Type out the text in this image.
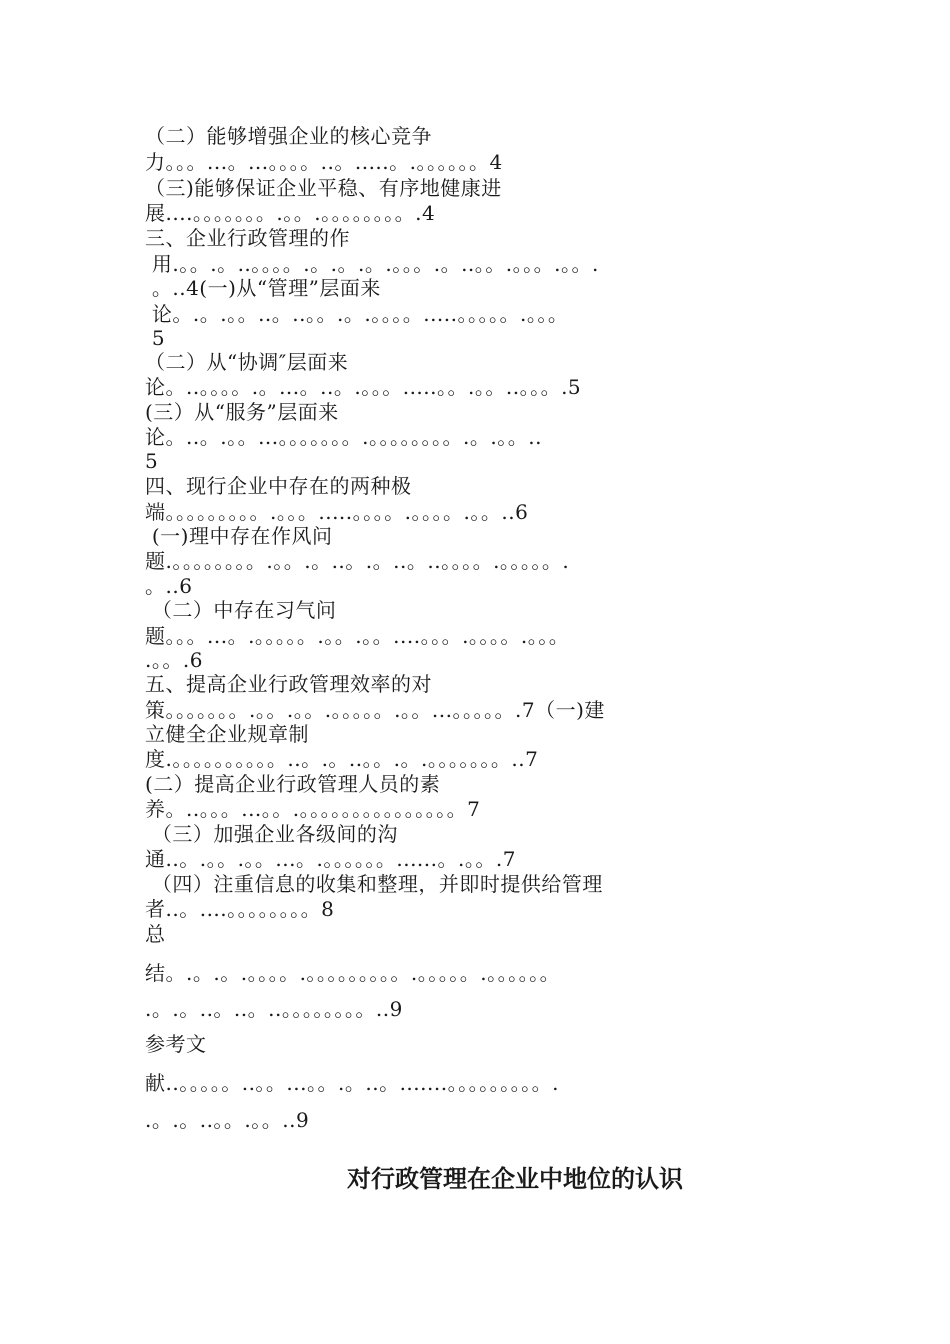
（二）能够增强企业的核心竞争
力。。。...。...。。。。..。.....。.。。。。。。4
（三)能够保证企业平稳、有序地健康进
展....。。。。。。。.。。.。。。。。。。。.4
三、企业行政管理的作
用.。。.。..。。。。.。.。.。.。。。.。..。。.。。。.。。.
。..4(一)从“管理”层面来
论。.。.。。..。..。。.。.。。。。.....。。。。。.。。。
5
（二）从“协调″层面来
论。..。。。。.。...。..。.。。。.....。。.。。..。。。.5
(三）从“服务”层面来
论。..。.。。...。。。。。。。.。。。。。。。。.。.。。..
5
四、现行企业中存在的两种极
端。。。。。。。。。.。。。.....。。。。.。。。。.。。..6
(一)理中存在作风问
题.。。。。。。。。.。。.。..。.。..。..。。。。.。。。。。.
。..6
（二）中存在习气问
题。。。...。.。。。。。.。。.。。....。。。.。。。。.。。。
.。。.6
五、提高企业行政管理效率的对
策。。。。。。。.。。.。。.。。。。。.。。...。。。。。.7（一)建
立健全企业规章制
度.。。。。。。。。。。..。.。..。。.。.。。。。。。。..7
(二）提高企业行政管理人员的素
养。..。。。...。。.。。。。。。。。。。。。。。。7
（三）加强企业各级间的沟
通..。.。。.。。...。.。。。。。。......。.。。.7
（四）注重信息的收集和整理，并即时提供给管理
者..。....。。。。。。。。8
总
结。.。.。.。。。。.。。。。。。。。。.。。。。。.。。。。。。
.。.。..。..。..。。。。。。。。..9
参考文
献..。。。。。..。。...。。.。..。.......。。。。。。。。。.
.。.。..。。.。。..9
对行政管理在企业中地位的认识
